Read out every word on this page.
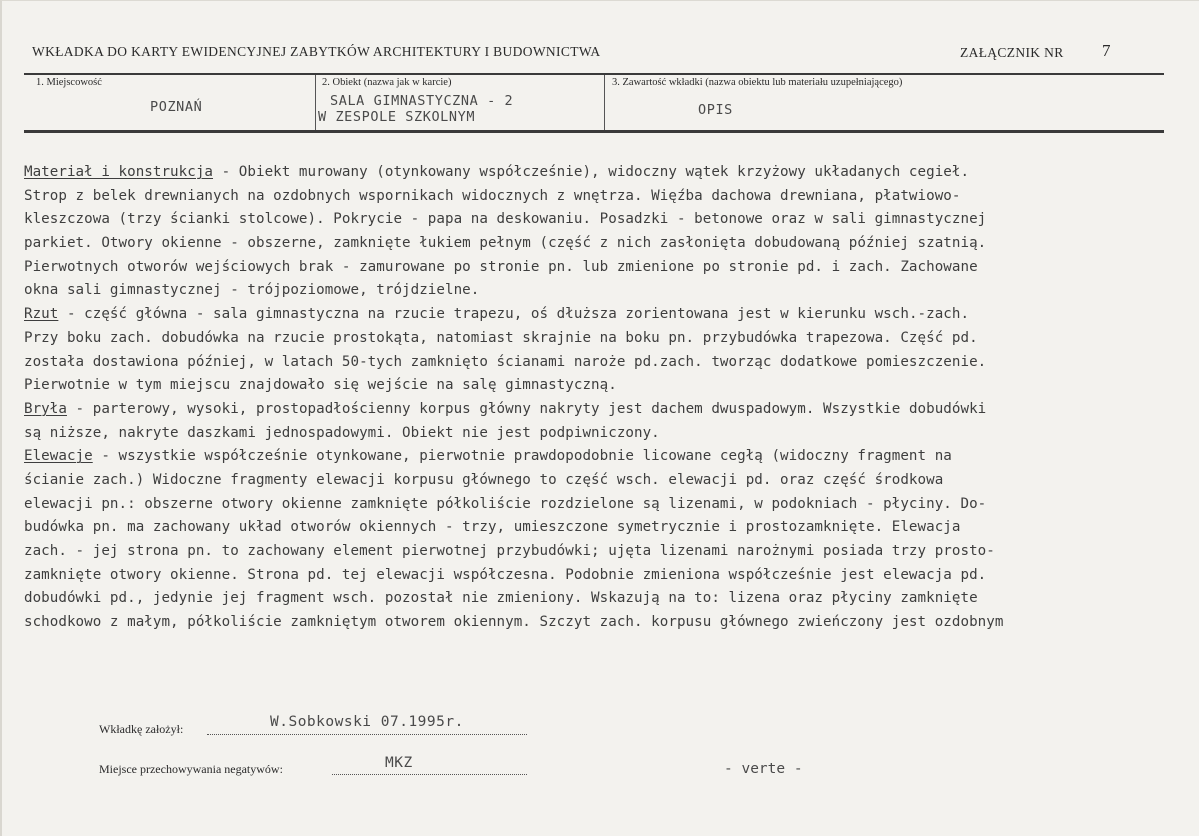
WKŁADKA DO KARTY EWIDENCYJNEJ ZABYTKÓW ARCHITEKTURY I BUDOWNICTWA	ZAŁĄCZNIK NR 7
1. Miejscowość
POZNAŃ
2. Obiekt (nazwa jak w karcie)
SALA GIMNASTYCZNA - 2
W ZESPOLE SZKOLNYM
3. Zawartość wkładki (nazwa obiektu lub materiału uzupełniającego)
OPIS
Materiał i konstrukcja - Obiekt murowany (otynkowany współcześnie), widoczny wątek krzyżowy układanych cegieł.
Strop z belek drewnianych na ozdobnych wspornikach widocznych z wnętrza. Więźba dachowa drewniana, płatwiowo-
kleszczowa (trzy ścianki stolcowe). Pokrycie - papa na deskowaniu. Posadzki - betonowe oraz w sali gimnastycznej
parkiet. Otwory okienne - obszerne, zamknięte łukiem pełnym (część z nich zasłonięta dobudowaną później szatnią.
Pierwotnych otworów wejściowych brak - zamurowane po stronie pn. lub zmienione po stronie pd. i zach. Zachowane
okna sali gimnastycznej - trójpoziomowe, trójdzielne.
Rzut - część główna - sala gimnastyczna na rzucie trapezu, oś dłuższa zorientowana jest w kierunku wsch.-zach.
Przy boku zach. dobudówka na rzucie prostokąta, natomiast skrajnie na boku pn. przybudówka trapezowa. Część pd.
została dostawiona później, w latach 50-tych zamknięto ścianami naroże pd.zach. tworząc dodatkowe pomieszczenie.
Pierwotnie w tym miejscu znajdowało się wejście na salę gimnastyczną.
Bryła - parterowy, wysoki, prostopadłościenny korpus główny nakryty jest dachem dwuspadowym. Wszystkie dobudówki
są niższe, nakryte daszkami jednospadowymi. Obiekt nie jest podpiwniczony.
Elewacje - wszystkie współcześnie otynkowane, pierwotnie prawdopodobnie licowane cegłą (widoczny fragment na
ścianie zach.) Widoczne fragmenty elewacji korpusu głównego to część wsch. elewacji pd. oraz część środkowa
elewacji pn.: obszerne otwory okienne zamknięte półkoliście rozdzielone są lizenami, w podokniach - płyciny. Do-
budówka pn. ma zachowany układ otworów okiennych - trzy, umieszczone symetrycznie i prostozamknięte. Elewacja
zach. - jej strona pn. to zachowany element pierwotnej przybudówki; ujęta lizenami narożnymi posiada trzy prosto-
zamknięte otwory okienne. Strona pd. tej elewacji współczesna. Podobnie zmieniona współcześnie jest elewacja pd.
dobudówki pd., jedynie jej fragment wsch. pozostał nie zmieniony. Wskazują na to: lizena oraz płyciny zamknięte
schodkowo z małym, półkoliście zamkniętym otworem okiennym. Szczyt zach. korpusu głównego zwieńczony jest ozdobnym
Wkładkę założył:	W.Sobkowski 07.1995r.
Miejsce przechowywania negatywów:	MKZ	- verte -
